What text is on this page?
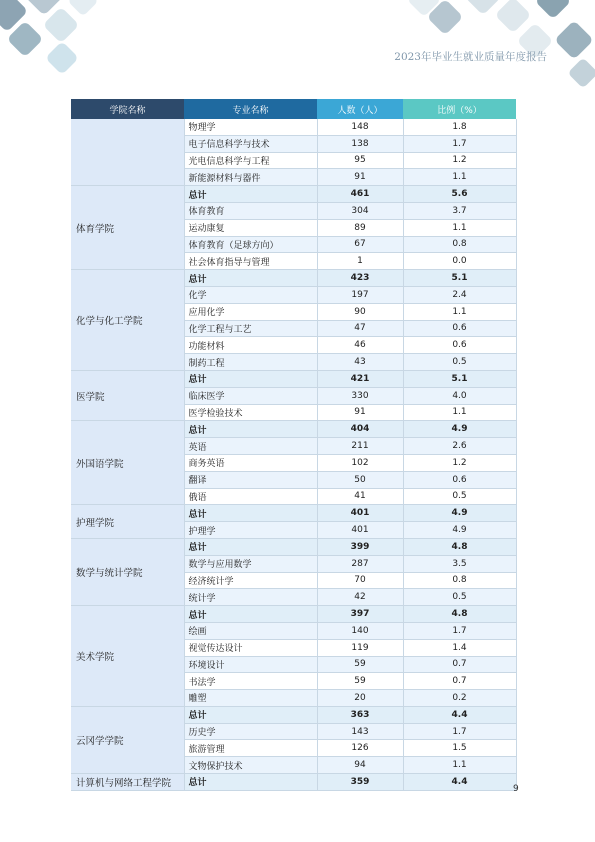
2023年毕业生就业质量年度报告
学院名称	专业名称	人数（人）	比例（%）
	物理学	148	1.8
	电子信息科学与技术	138	1.7
	光电信息科学与工程	95	1.2
	新能源材料与器件	91	1.1
体育学院	总计	461	5.6
	体育教育	304	3.7
	运动康复	89	1.1
	体育教育（足球方向）	67	0.8
	社会体育指导与管理	1	0.0
化学与化工学院	总计	423	5.1
	化学	197	2.4
	应用化学	90	1.1
	化学工程与工艺	47	0.6
	功能材料	46	0.6
	制药工程	43	0.5
医学院	总计	421	5.1
	临床医学	330	4.0
	医学检验技术	91	1.1
外国语学院	总计	404	4.9
	英语	211	2.6
	商务英语	102	1.2
	翻译	50	0.6
	俄语	41	0.5
护理学院	总计	401	4.9
	护理学	401	4.9
数学与统计学院	总计	399	4.8
	数学与应用数学	287	3.5
	经济统计学	70	0.8
	统计学	42	0.5
美术学院	总计	397	4.8
	绘画	140	1.7
	视觉传达设计	119	1.4
	环境设计	59	0.7
	书法学	59	0.7
	雕塑	20	0.2
云冈学学院	总计	363	4.4
	历史学	143	1.7
	旅游管理	126	1.5
	文物保护技术	94	1.1
计算机与网络工程学院	总计	359	4.4
9
